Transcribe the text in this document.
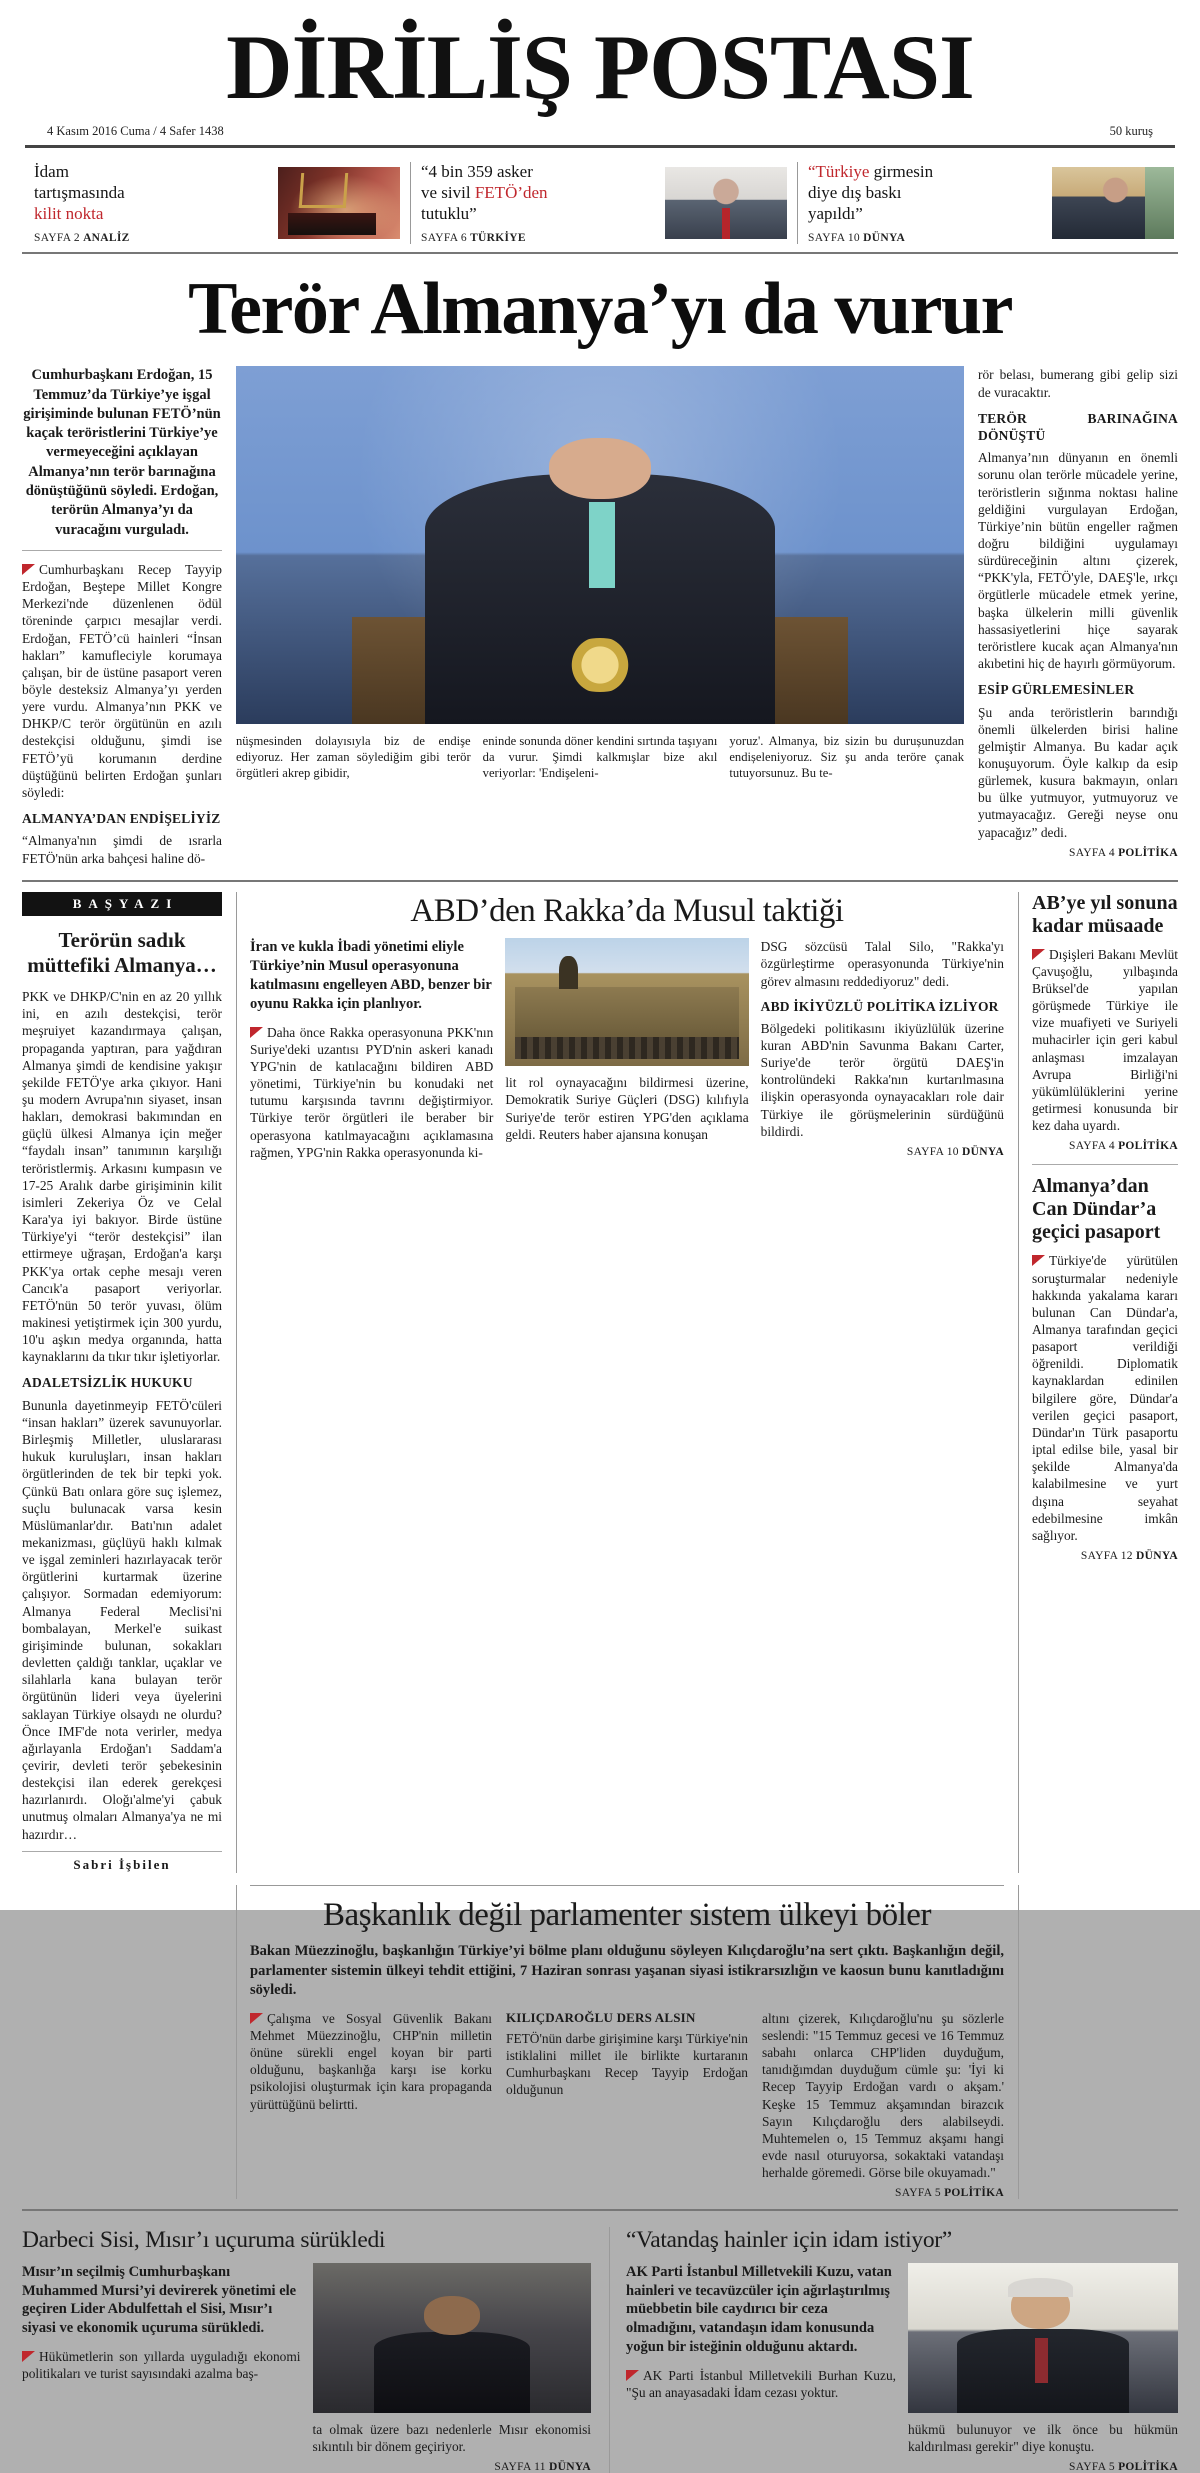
DİRİLİŞ POSTASI
4 Kasım 2016 Cuma / 4 Safer 1438	50 kuruş
İdam
tartışmasında
kilit nokta
SAYFA 2 ANALİZ
“4 bin 359 asker
ve sivil FETÖ’den
tutuklu”
SAYFA 6 TÜRKİYE
“Türkiye girmesin
diye dış baskı
yapıldı”
SAYFA 10 DÜNYA
Terör Almanya’yı da vurur
Cumhurbaşkanı Erdoğan, 15 Temmuz’da Türkiye’ye işgal girişiminde bulunan FETÖ’nün kaçak teröristlerini Türkiye’ye vermeyeceğini açıklayan Almanya’nın terör barınağına dönüştüğünü söyledi. Erdoğan, terörün Almanya’yı da vuracağını vurguladı.

Cumhurbaşkanı Recep Tayyip Erdoğan, Beştepe Millet Kongre Merkezi'nde düzenlenen ödül töreninde çarpıcı mesajlar verdi. Erdoğan, FETÖ’cü hainleri “İnsan hakları” kamufleciyle korumaya çalışan, bir de üstüne pasaport veren böyle desteksiz Almanya’yı yerden yere vurdu. Almanya’nın PKK ve DHKP/C terör örgütünün en azılı destekçisi olduğunu, şimdi ise FETÖ’yü korumanın derdine düştüğünü belirten Erdoğan şunları söyledi:

ALMANYA’DAN ENDİŞELİYİZ

“Almanya'nın şimdi de ısrarla FETÖ'nün arka bahçesi haline dö-

nüşmesinden dolayısıyla biz de endişe ediyoruz. Her zaman söylediğim gibi terör örgütleri akrep gibidir,
eninde sonunda döner kendini sırtında taşıyanı da vurur. Şimdi kalkmışlar bize akıl veriyorlar: 'Endişeleni-
yoruz'. Almanya, biz sizin bu durușunuzdan endișeleniyoruz. Siz şu anda teröre çanak tutuyorsunuz. Bu te-

rör belası, bumerang gibi gelip sizi de vuracaktır.

TERÖR BARINAĞINA DÖNÜŞTÜ

Almanya’nın dünyanın en önemli sorunu olan terörle mücadele yerine, teröristlerin sığınma noktası haline geldiğini vurgulayan Erdoğan, Türkiye’nin bütün engeller rağmen doğru bildiğini uygulamayı sürdüreceğinin altını çizerek, “PKK'yla, FETÖ'yle, DAEŞ'le, ırkçı örgütlerle mücadele etmek yerine, başka ülkelerin milli güvenlik hassasiyetlerini hiçe sayarak teröristlere kucak açan Almanya'nın akıbetini hiç de hayırlı görmüyorum.

ESİP GÜRLEMESİNLER

Şu anda teröristlerin barındığı önemli ülkelerden birisi haline gelmiştir Almanya. Bu kadar açık konuşuyorum. Öyle kalkıp da esip gürlemek, kusura bakmayın, onları bu ülke yutmuyor, yutmuyoruz ve yutmayacağız. Gereği neyse onu yapacağız” dedi.

SAYFA 4 POLİTİKA
BAŞYAZI
Terörün sadık müttefiki Almanya…

PKK ve DHKP/C'nin en az 20 yıllık ini, en azılı destekçisi, terör meşruiyet kazandırmaya çalışan, propaganda yaptıran, para yağdıran Almanya şimdi de kendisine yakışır şekilde FETÖ'ye arka çıkıyor. Hani şu modern Avrupa'nın siyaset, insan hakları, demokrasi bakımından en güçlü ülkesi Almanya için meğer “faydalı insan” tanımının karşılığı teröristlermiş. Arkasını kumpasın ve 17-25 Aralık darbe girişiminin kilit isimleri Zekeriya Öz ve Celal Kara'ya iyi bakıyor. Birde üstüne Türkiye'yi “terör destekçisi” ilan ettirmeye uğraşan, Erdoğan'a karşı PKK'ya ortak cephe mesajı veren Cancık'a pasaport veriyorlar. FETÖ'nün 50 terör yuvası, ölüm makinesi yetiştirmek için 300 yurdu, 10'u aşkın medya organında, hatta kaynaklarını da tıkır tıkır işletiyorlar.

ADALETSİZLİK HUKUKU

Bununla dayetinmeyip FETÖ'cüleri “insan hakları” üzerek savunuyorlar. Birleşmiş Milletler, uluslararası hukuk kuruluşları, insan hakları örgütlerinden de tek bir tepki yok. Çünkü Batı onlara göre suç işlemez, suçlu bulunacak varsa kesin Müslümanlar'dır. Batı'nın adalet mekanizması, güçlüyü haklı kılmak ve işgal zeminleri hazırlayacak terör örgütlerini kurtarmak üzerine çalışıyor. Sormadan edemiyorum: Almanya Federal Meclisi'ni bombalayan, Merkel'e suikast girişiminde bulunan, sokakları devletten çaldığı tanklar, uçaklar ve silahlarla kana bulayan terör örgütünün lideri veya üyelerini saklayan Türkiye olsaydı ne olurdu? Önce IMF'de nota verirler, medya ağırlayanla Erdoğan'ı Saddam'a çevirir, devleti terör şebekesinin destekçisi ilan ederek gerekçesi hazırlanırdı. Oloğı'alme'yi çabuk unutmuş olmaları Almanya'ya ne mi hazırdır…

Sabri İşbilen
ABD’den Rakka’da Musul taktiği
İran ve kukla İbadi yönetimi eliyle Türkiye’nin Musul operasyonuna katılmasını engelleyen ABD, benzer bir oyunu Rakka için planlıyor.

Daha önce Rakka operasyonuna PKK'nın Suriye'deki uzantısı PYD'nin askeri kanadı YPG'nin de katılacağını bildiren ABD yönetimi, Türkiye'nin bu konudaki net tutumu karşısında tavrını değiştirmiyor. Türkiye terör örgütleri ile beraber bir operasyona katılmayacağını açıklamasına rağmen, YPG'nin Rakka operasyonunda ki-

lit rol oynayacağını bildirmesi üzerine, Demokratik Suriye Güçleri (DSG) kılıfıyla Suriye'de terör estiren YPG'den açıklama geldi. Reuters haber ajansına konuşan
DSG sözcüsü Talal Silo, "Rakka'yı özgürleştirme operasyonunda Türkiye'nin görev almasını reddediyoruz" dedi.
ABD İKİYÜZLÜ POLİTİKA İZLİYOR
Bölgedeki politikasını ikiyüzlülük üzerine kuran ABD'nin Savunma Bakanı Carter, Suriye'de terör örgütü DAEŞ'in kontrolündeki Rakka'nın kurtarılmasına ilişkin operasyonda oynayacakları role dair Türkiye ile görüşmelerinin sürdüğünü bildirdi.
SAYFA 10 DÜNYA
AB’ye yıl sonuna kadar müsaade
Dışişleri Bakanı Mevlüt Çavuşoğlu, yılbaşında Brüksel'de yapılan görüşmede Türkiye ile vize muafiyeti ve Suriyeli muhacirler için geri kabul anlaşması imzalayan Avrupa Birliği'ni yükümlülüklerini yerine getirmesi konusunda bir kez daha uyardı.
SAYFA 4 POLİTİKA
Almanya’dan Can Dündar’a geçici pasaport
Türkiye'de yürütülen soruşturmalar nedeniyle hakkında yakalama kararı bulunan Can Dündar'a, Almanya tarafından geçici pasaport verildiği öğrenildi. Diplomatik kaynaklardan edinilen bilgilere göre, Dündar'a verilen geçici pasaport, Dündar'ın Türk pasaportu iptal edilse bile, yasal bir şekilde Almanya'da kalabilmesine ve yurt dışına seyahat edebilmesine imkân sağlıyor.
SAYFA 12 DÜNYA
Başkanlık değil parlamenter sistem ülkeyi böler
Bakan Müezzinoğlu, başkanlığın Türkiye’yi bölme planı olduğunu söyleyen Kılıçdaroğlu’na sert çıktı. Başkanlığın değil, parlamenter sistemin ülkeyi tehdit ettiğini, 7 Haziran sonrası yaşanan siyasi istikrarsızlığın ve kaosun bunu kanıtladığını söyledi.
Çalışma ve Sosyal Güvenlik Bakanı Mehmet Müezzinoğlu, CHP'nin milletin önüne sürekli engel koyan bir parti olduğunu, başkanlığa karşı ise korku psikolojisi oluşturmak için kara propaganda yürüttüğünü belirtti.
KILIÇDAROĞLU DERS ALSIN
FETÖ'nün darbe girişimine karşı Türkiye'nin istiklalini millet ile birlikte kurtaranın Cumhurbaşkanı Recep Tayyip Erdoğan olduğunun
altını çizerek, Kılıçdaroğlu'nu şu sözlerle seslendi: "15 Temmuz gecesi ve 16 Temmuz sabahı onlarca CHP'liden duyduğum, tanıdığımdan duyduğum cümle şu: 'İyi ki Recep Tayyip Erdoğan vardı o akşam.' Keşke 15 Temmuz akşamından birazcık Sayın Kılıçdaroğlu ders alabilseydi. Muhtemelen o, 15 Temmuz akşamı hangi evde nasıl oturuyorsa, sokaktaki vatandaşı herhalde göremedi. Görse bile okuyamadı."
SAYFA 5 POLİTİKA
Darbeci Sisi, Mısır’ı uçuruma sürükledi
Mısır’ın seçilmiş Cumhurbaşkanı Muhammed Mursi’yi devirerek yönetimi ele geçiren Lider Abdulfettah el Sisi, Mısır’ı siyasi ve ekonomik uçuruma sürükledi.
Hükümetlerin son yıllarda uyguladığı ekonomi politikaları ve turist sayısındaki azalma baş-
ta olmak üzere bazı nedenlerle Mısır ekonomisi sıkıntılı bir dönem geçiriyor.
SAYFA 11 DÜNYA
“Vatandaş hainler için idam istiyor”
AK Parti İstanbul Milletvekili Kuzu, vatan hainleri ve tecavüzcüler için ağırlaştırılmış müebbetin bile caydırıcı bir ceza olmadığını, vatandaşın idam konusunda yoğun bir isteğinin olduğunu aktardı.
AK Parti İstanbul Milletvekili Burhan Kuzu, "Şu an anayasadaki İdam cezası yoktur.
hükmü bulunuyor ve ilk önce bu hükmün kaldırılması gerekir" diye konuştu.
SAYFA 5 POLİTİKA
